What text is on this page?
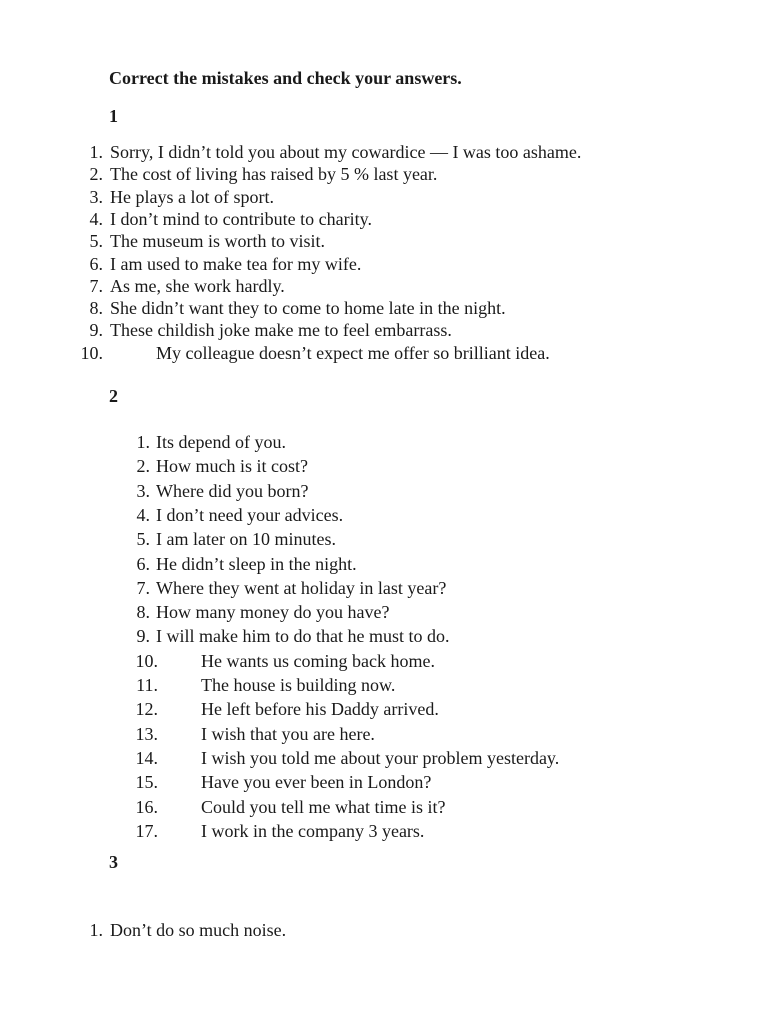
Correct the mistakes and check your answers.
1
1. Sorry, I didn’t told you about my cowardice — I was too ashame.
2. The cost of living has raised by 5 % last year.
3. He plays a lot of sport.
4. I don’t mind to contribute to charity.
5. The museum is worth to visit.
6. I am used to make tea for my wife.
7. As me, she work hardly.
8. She didn’t want they to come to home late in the night.
9. These childish joke make me to feel embarrass.
10.	My colleague doesn’t expect me offer so brilliant idea.
2
1. Its depend of you.
2. How much is it cost?
3. Where did you born?
4. I don’t need your advices.
5. I am later on 10 minutes.
6. He didn’t sleep in the night.
7. Where they went at holiday in last year?
8. How many money do you have?
9. I will make him to do that he must to do.
10. He wants us coming back home.
11. The house is building now.
12. He left before his Daddy arrived.
13. I wish that you are here.
14. I wish you told me about your problem yesterday.
15. Have you ever been in London?
16. Could you tell me what time is it?
17. I work in the company 3 years.
3
1. Don’t do so much noise.
